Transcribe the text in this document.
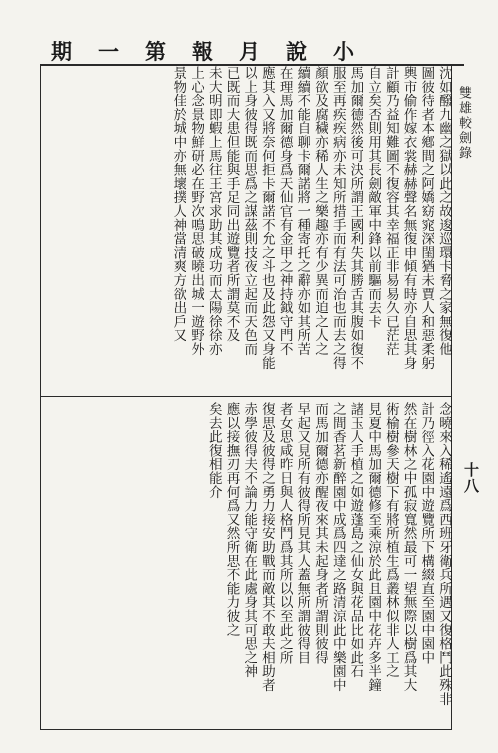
小說月報第一期
雙雄較劍錄
十八
沈如醱九幽之獄以此之故逡巡環卡脅之家無復他
圖彼待者本鄕間之阿嬌窈窕深閨猶未賈人和惡柔躬
輿市偷作嫁衣裳赫赫聲名無復申傾有時亦自思其身
計顧乃益知難圖不復容其幸福正非易易久已茫茫
自立矣否則用其長劍敵軍中鋒以前驅而去卡
馬加爾德然後可決所謂王國利失其勝舌其腹如復不
服至再疾疾病亦未知所措手而有法可治也而去之得
顏欲及腐穢亦稀人生之樂趣亦有少異而迫之人之
續續不能自聊卡爾諾將一種寄托之辭亦如其所苦
在理馬加爾德身爲天仙官有金甲之神持鉞守門不
應其入又將奈何拒卡爾諾不允之斗也及此怨又身能
以上身彼得既而思爲之謀茲則技夜立起而天色而
已既而大患但能與手足同出遊覽者所謂莫不及
未大明即蝦上馬往王宮求助其成功而太陽徐徐亦
上心念景物鮮研必在野次鳴思破曉出城一遊野外
景物佳於城中亦無壞撲人神當清爽方欲出戶又
念曉來入稀遙遠爲西班牙衛兵所遇又復格鬥此殊非
計乃徑入花園中遊覽所下構綴直至園中園中
然在樹林之中孤寂寬然最可一望無際以樹爲其大
術榆樹參天樹下有將所植生爲叢林似非人工之
見夏中馬加爾德修至乘涼於此且園中花卉多半鐘
諸玉人手植之如遊蓬島之仙女與花品比如此石
之間香茗新醉園中成爲四達之路清涼此中樂園中
而馬加爾德亦醒夜來其未起身者所謂則彼得
早起又見所有彼得所見其人蓋無所謂彼得目
者女思咸昨日與人格鬥爲其所以以至此之所
復思及彼得之勇力接安助戰而敵其不敢夫相助者
赤學彼得夫不論力能守衛在此處身其可思之神
應以接撫刃再何爲又然所思不能力彼之
矣去此復相能介
